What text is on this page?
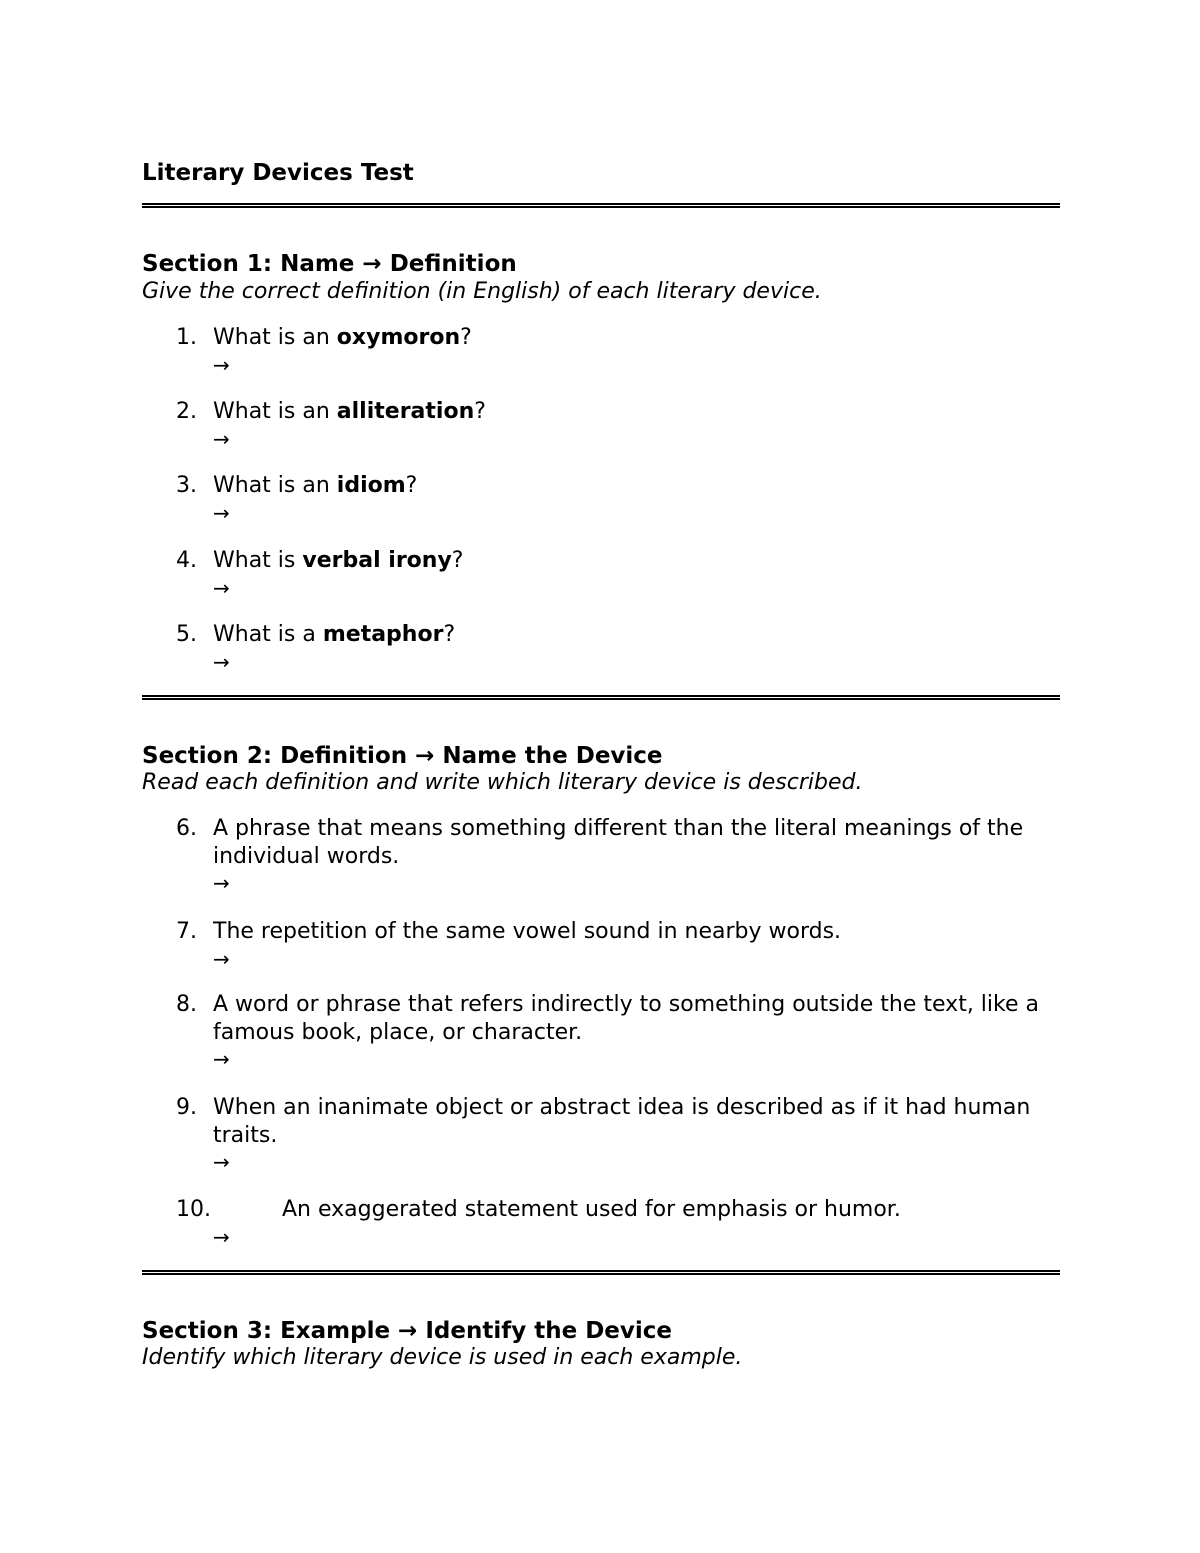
Literary Devices Test
Section 1: Name → Definition
Give the correct definition (in English) of each literary device.
1. What is an oxymoron?
→
2. What is an alliteration?
→
3. What is an idiom?
→
4. What is verbal irony?
→
5. What is a metaphor?
→
Section 2: Definition → Name the Device
Read each definition and write which literary device is described.
6. A phrase that means something different than the literal meanings of the individual words.
→
7. The repetition of the same vowel sound in nearby words.
→
8. A word or phrase that refers indirectly to something outside the text, like a famous book, place, or character.
→
9. When an inanimate object or abstract idea is described as if it had human traits.
→
10.	An exaggerated statement used for emphasis or humor.
→
Section 3: Example → Identify the Device
Identify which literary device is used in each example.
